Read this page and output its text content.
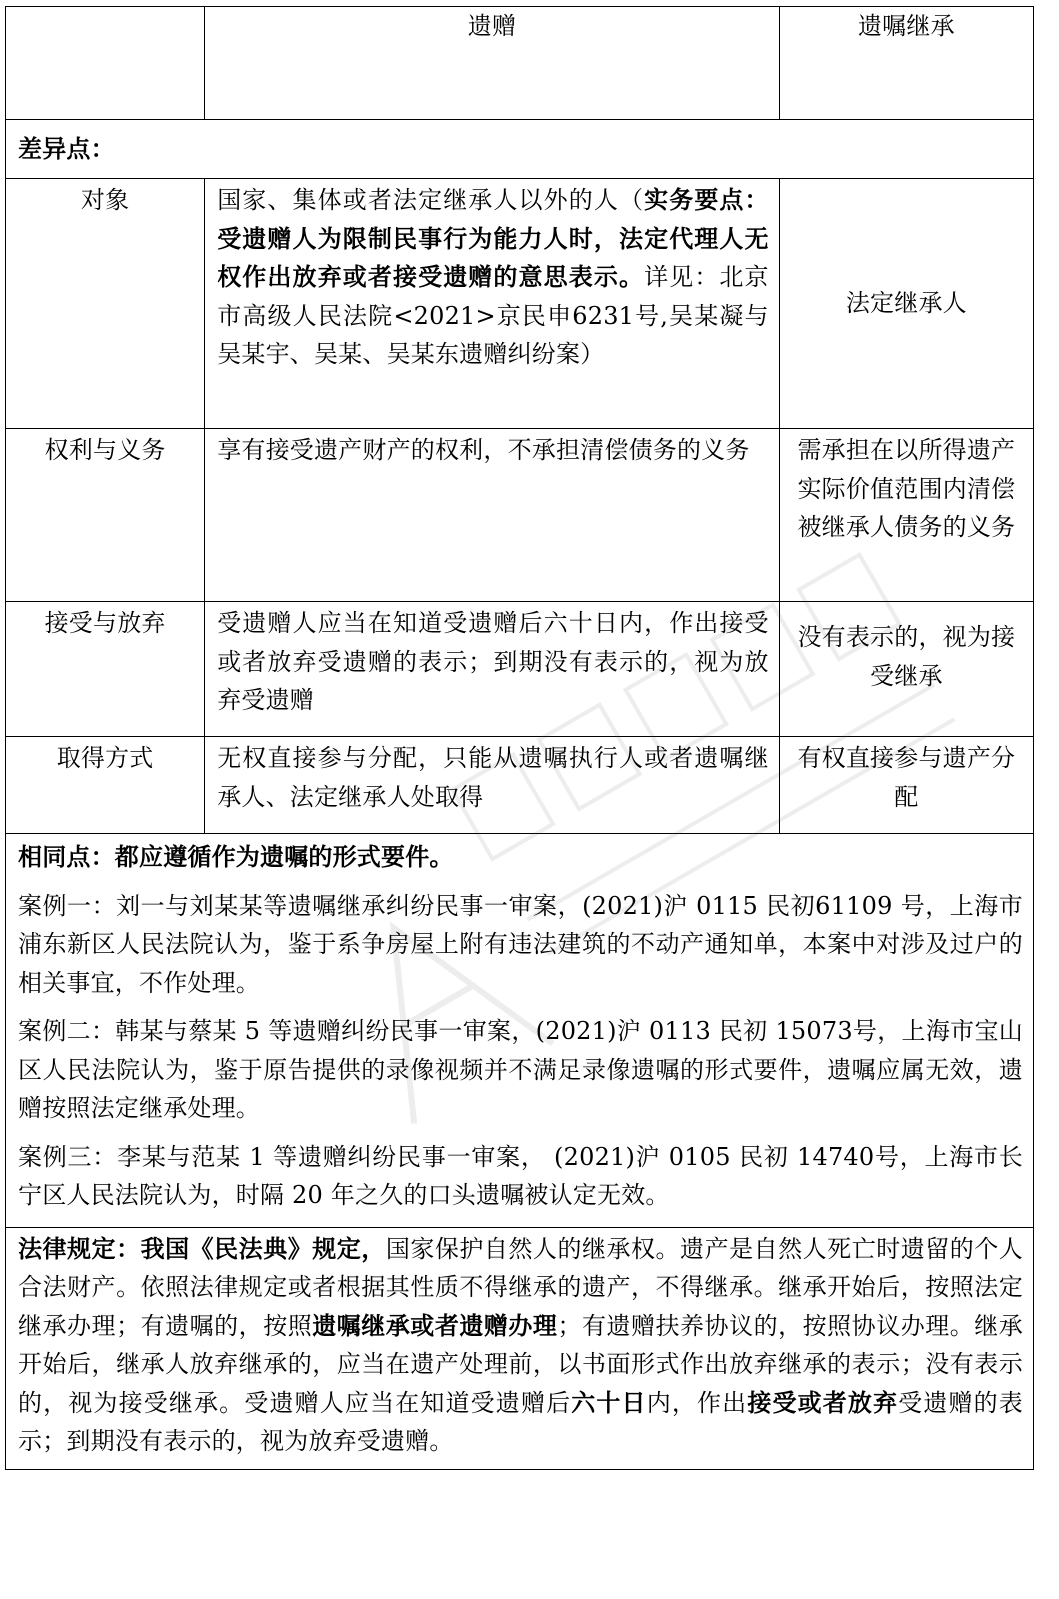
	遗赠	遗嘱继承
差异点：		
对象	国家、集体或者法定继承人以外的人（实务要点：受遗赠人为限制民事行为能力人时，法定代理人无权作出放弃或者接受遗赠的意思表示。详见：北京市高级人民法院<2021>京民申6231号,吴某凝与吴某宇、吴某、吴某东遗赠纠纷案）	法定继承人
权利与义务	享有接受遗产财产的权利，不承担清偿债务的义务	需承担在以所得遗产实际价值范围内清偿被继承人债务的义务
接受与放弃	受遗赠人应当在知道受遗赠后六十日内，作出接受或者放弃受遗赠的表示；到期没有表示的，视为放弃受遗赠	没有表示的，视为接受继承
取得方式	无权直接参与分配，只能从遗嘱执行人或者遗嘱继承人、法定继承人处取得	有权直接参与遗产分配

相同点：都应遵循作为遗嘱的形式要件。

案例一：刘一与刘某某等遗嘱继承纠纷民事一审案，(2021)沪 0115 民初61109 号，上海市浦东新区人民法院认为，鉴于系争房屋上附有违法建筑的不动产通知单，本案中对涉及过户的相关事宜，不作处理。

案例二：韩某与蔡某 5 等遗赠纠纷民事一审案，(2021)沪 0113 民初 15073号，上海市宝山区人民法院认为，鉴于原告提供的录像视频并不满足录像遗嘱的形式要件，遗嘱应属无效，遗赠按照法定继承处理。

案例三：李某与范某 1 等遗赠纠纷民事一审案， (2021)沪 0105 民初 14740号，上海市长宁区人民法院认为，时隔 20 年之久的口头遗嘱被认定无效。		

法律规定：我国《民法典》规定，国家保护自然人的继承权。遗产是自然人死亡时遗留的个人合法财产。依照法律规定或者根据其性质不得继承的遗产，不得继承。继承开始后，按照法定继承办理；有遗嘱的，按照遗嘱继承或者遗赠办理；有遗赠扶养协议的，按照协议办理。继承开始后，继承人放弃继承的，应当在遗产处理前，以书面形式作出放弃继承的表示；没有表示的，视为接受继承。受遗赠人应当在知道受遗赠后六十日内，作出接受或者放弃受遗赠的表示；到期没有表示的，视为放弃受遗赠。		
